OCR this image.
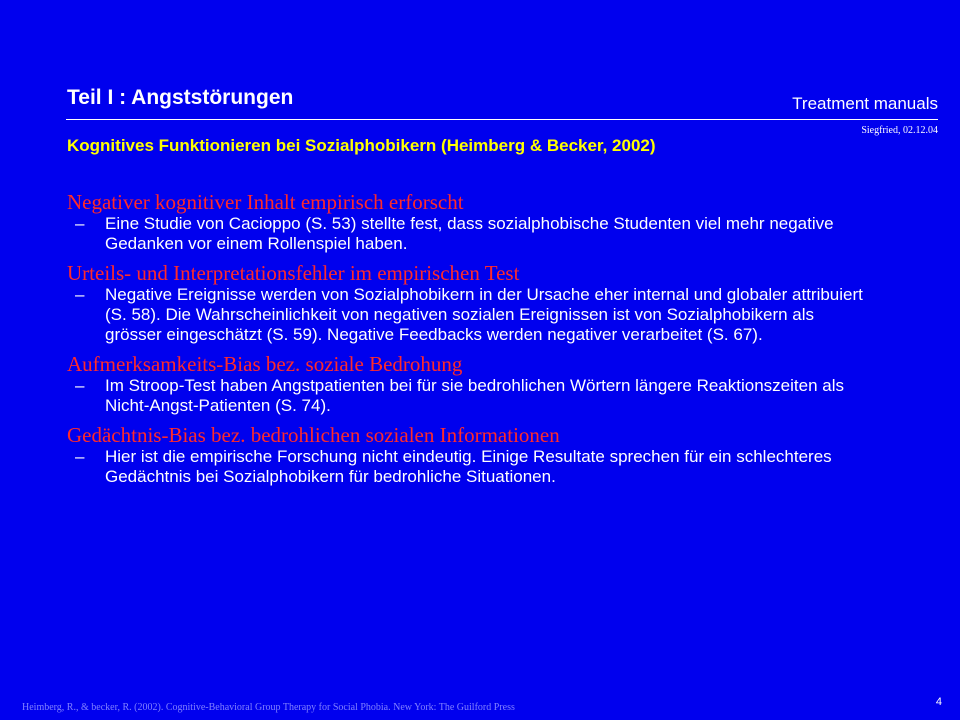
Teil I : Angststörungen	Treatment manuals
Siegfried, 02.12.04
Kognitives Funktionieren bei Sozialphobikern (Heimberg & Becker, 2002)
Negativer kognitiver Inhalt empirisch erforscht
– Eine Studie von Cacioppo (S. 53) stellte fest, dass sozialphobische Studenten viel mehr negative Gedanken vor einem Rollenspiel haben.
Urteils- und Interpretationsfehler im empirischen Test
– Negative Ereignisse werden von Sozialphobikern in der Ursache eher internal und globaler attribuiert (S. 58). Die Wahrscheinlichkeit von negativen sozialen Ereignissen ist von Sozialphobikern als grösser eingeschätzt (S. 59). Negative Feedbacks werden negativer verarbeitet (S. 67).
Aufmerksamkeits-Bias bez. soziale Bedrohung
– Im Stroop-Test haben Angstpatienten bei für sie bedrohlichen Wörtern längere Reaktionszeiten als Nicht-Angst-Patienten (S. 74).
Gedächtnis-Bias bez. bedrohlichen sozialen Informationen
– Hier ist die empirische Forschung nicht eindeutig. Einige Resultate sprechen für ein schlechteres Gedächtnis bei Sozialphobikern für bedrohliche Situationen.
Heimberg, R., & becker, R. (2002). Cognitive-Behavioral Group Therapy for Social Phobia. New York: The Guilford Press	4
